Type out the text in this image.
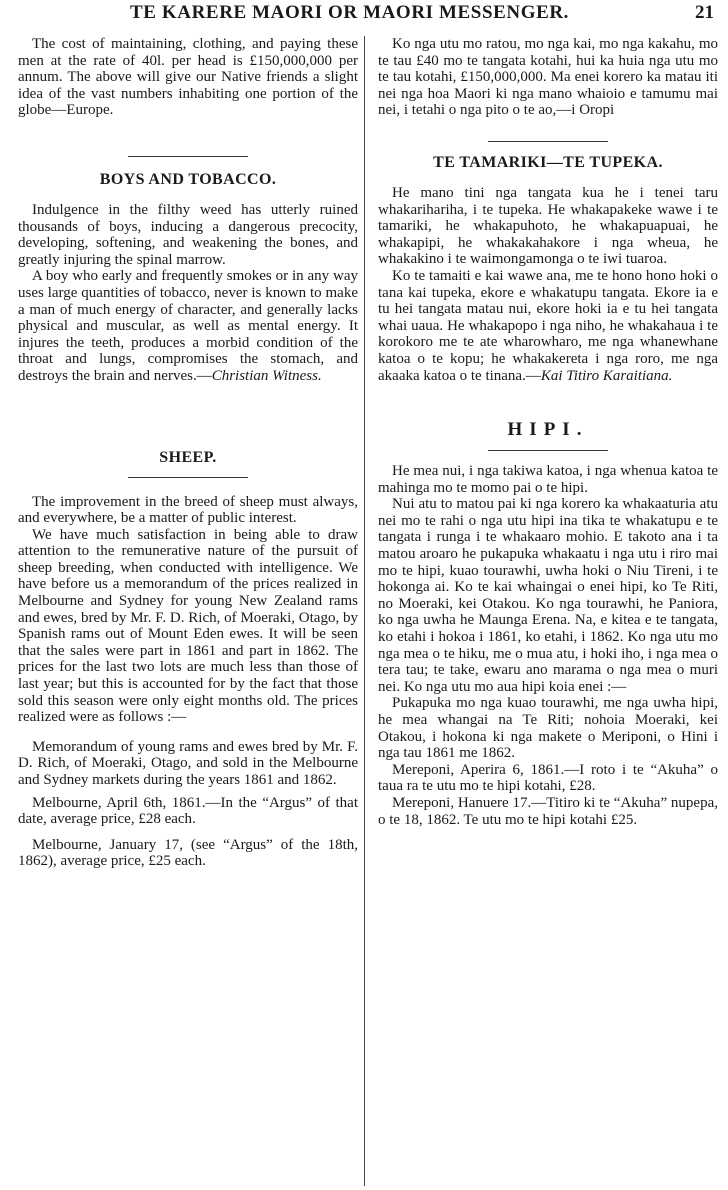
TE KARERE MAORI OR MAORI MESSENGER.	21

The cost of maintaining, clothing, and paying these men at the rate of 40l. per head is £150,000,000 per annum. The above will give our Native friends a slight idea of the vast numbers inhabiting one portion of the globe—Europe.

BOYS AND TOBACCO.

Indulgence in the filthy weed has utterly ruined thousands of boys, inducing a dangerous precocity, developing, softening, and weakening the bones, and greatly injuring the spinal marrow.

A boy who early and frequently smokes or in any way uses large quantities of tobacco, never is known to make a man of much energy of character, and generally lacks physical and muscular, as well as mental energy. It injures the teeth, produces a morbid condition of the throat and lungs, compromises the stomach, and destroys the brain and nerves.—Christian Witness.

SHEEP.

The improvement in the breed of sheep must always, and everywhere, be a matter of public interest.

We have much satisfaction in being able to draw attention to the remunerative nature of the pursuit of sheep breeding, when conducted with intelligence. We have before us a memorandum of the prices realized in Melbourne and Sydney for young New Zealand rams and ewes, bred by Mr. F. D. Rich, of Moeraki, Otago, by Spanish rams out of Mount Eden ewes. It will be seen that the sales were part in 1861 and part in 1862. The prices for the last two lots are much less than those of last year; but this is accounted for by the fact that those sold this season were only eight months old. The prices realized were as follows :—

Memorandum of young rams and ewes bred by Mr. F. D. Rich, of Moeraki, Otago, and sold in the Melbourne and Sydney markets during the years 1861 and 1862.

Melbourne, April 6th, 1861.—In the “Argus” of that date, average price, £28 each.

Melbourne, January 17, (see “Argus” of the 18th, 1862), average price, £25 each.

Ko nga utu mo ratou, mo nga kai, mo nga kakahu, mo te tau £40 mo te tangata kotahi, hui ka huia nga utu mo te tau kotahi, £150,000,000. Ma enei korero ka matau iti nei nga hoa Maori ki nga mano whaioio e tamumu mai nei, i tetahi o nga pito o te ao,—i Oropi

TE TAMARIKI—TE TUPEKA.

He mano tini nga tangata kua he i tenei taru whakarihariha, i te tupeka. He whakapakeke wawe i te tamariki, he whakapuhoto, he whakapuapuai, he whakapipi, he whakakahakore i nga wheua, he whakakino i te waimongamonga o te iwi tuaroa.

Ko te tamaiti e kai wawe ana, me te hono hono hoki o tana kai tupeka, ekore e whakatupu tangata. Ekore ia e tu hei tangata matau nui, ekore hoki ia e tu hei tangata whai uaua. He whakapopo i nga niho, he whakahaua i te korokoro me te ate wharowharo, me nga whanewhane katoa o te kopu; he whakakereta i nga roro, me nga akaaka katoa o te tinana.—Kai Titiro Karaitiana.

HIPI.

He mea nui, i nga takiwa katoa, i nga whenua katoa te mahinga mo te momo pai o te hipi.

Nui atu to matou pai ki nga korero ka whakaaturia atu nei mo te rahi o nga utu hipi ina tika te whakatupu e te tangata i runga i te whakaaro mohio. E takoto ana i ta matou aroaro he pukapuka whakaatu i nga utu i riro mai mo te hipi, kuao tourawhi, uwha hoki o Niu Tireni, i te hokonga ai. Ko te kai whaingai o enei hipi, ko Te Riti, no Moeraki, kei Otakou. Ko nga tourawhi, he Paniora, ko nga uwha he Maunga Erena. Na, e kitea e te tangata, ko etahi i hokoa i 1861, ko etahi, i 1862. Ko nga utu mo nga mea o te hiku, me o mua atu, i hoki iho, i nga mea o tera tau; te take, ewaru ano marama o nga mea o muri nei. Ko nga utu mo aua hipi koia enei :—

Pukapuka mo nga kuao tourawhi, me nga uwha hipi, he mea whangai na Te Riti; nohoia Moeraki, kei Otakou, i hokona ki nga makete o Meriponi, o Hini i nga tau 1861 me 1862.

Mereponi, Aperira 6, 1861.—I roto i te “Akuha” o taua ra te utu mo te hipi kotahi, £28.

Mereponi, Hanuere 17.—Titiro ki te “Akuha” nupepa, o te 18, 1862. Te utu mo te hipi kotahi £25.
